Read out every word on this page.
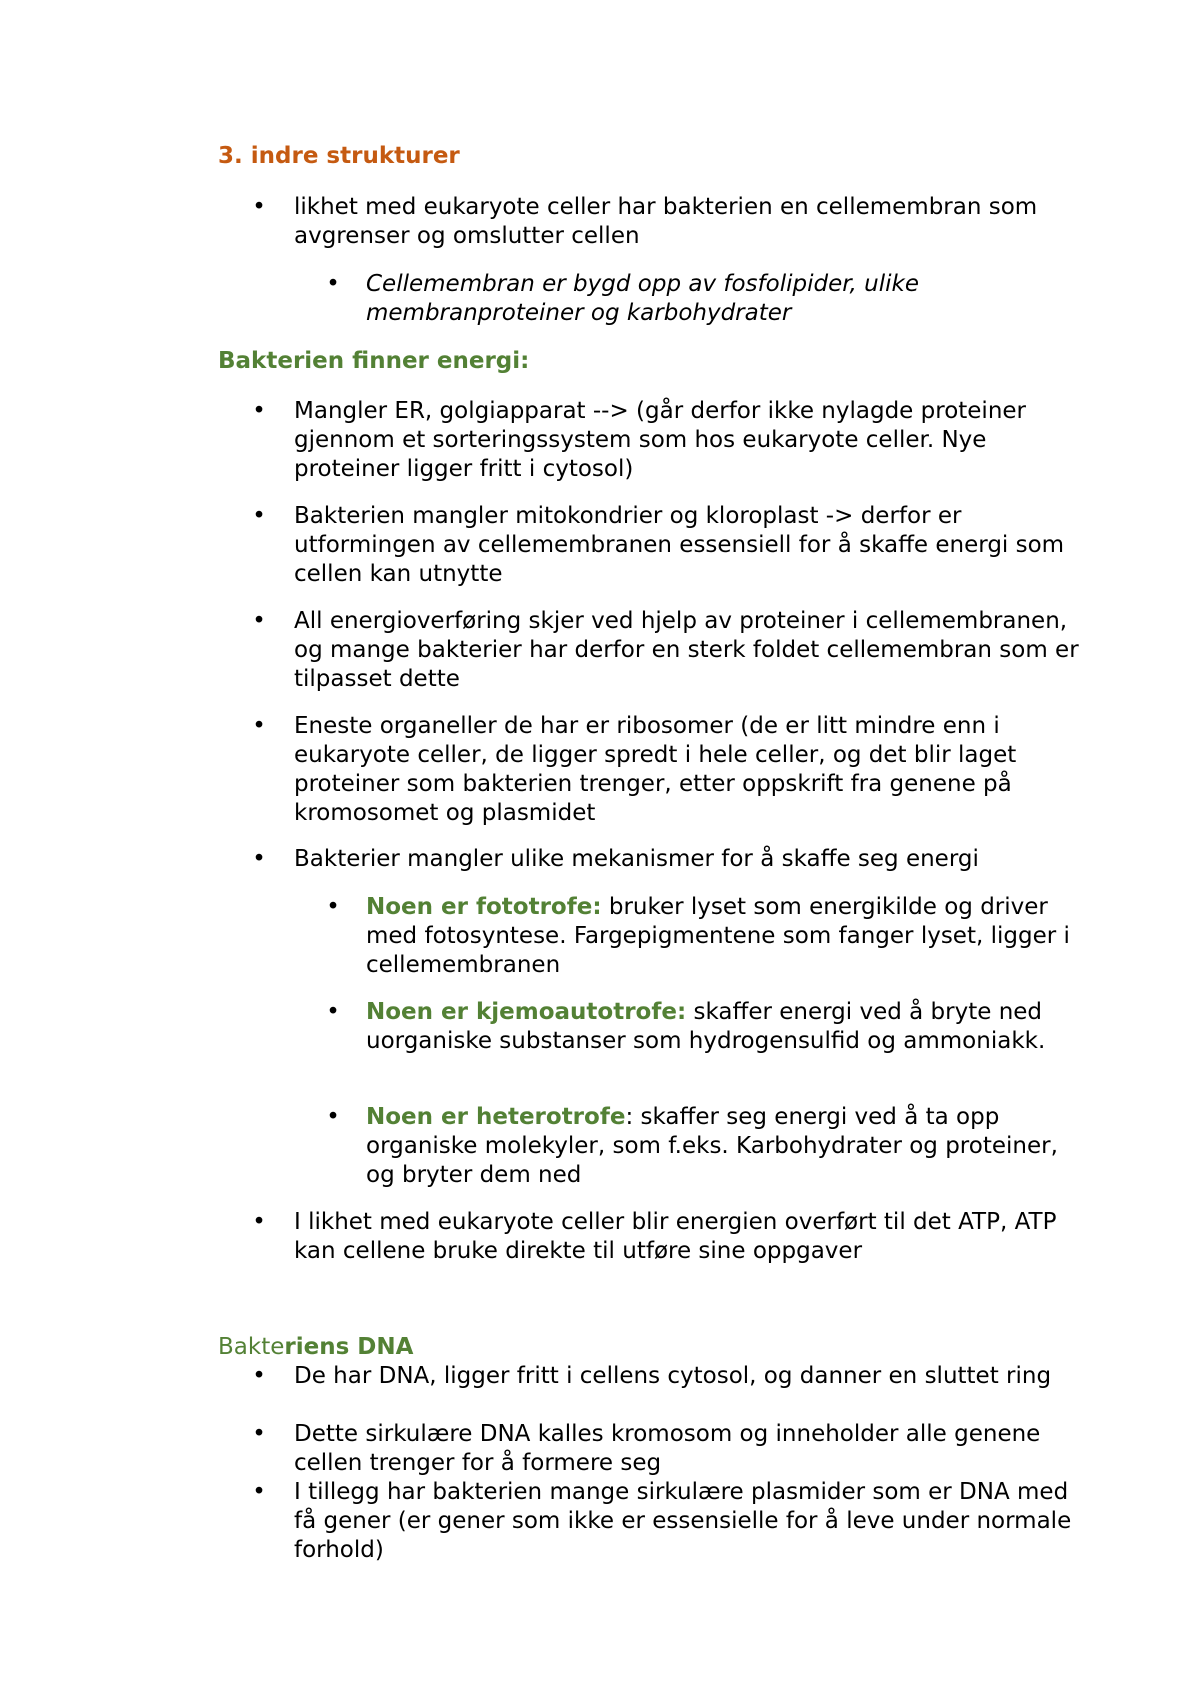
3. indre strukturer
• likhet med eukaryote celler har bakterien en cellemembran som avgrenser og omslutter cellen
• Cellemembran er bygd opp av fosfolipider, ulike membranproteiner og karbohydrater
Bakterien finner energi:
• Mangler ER, golgiapparat --> (går derfor ikke nylagde proteiner gjennom et sorteringssystem som hos eukaryote celler. Nye proteiner ligger fritt i cytosol)
• Bakterien mangler mitokondrier og kloroplast -> derfor er utformingen av cellemembranen essensiell for å skaffe energi som cellen kan utnytte
• All energioverføring skjer ved hjelp av proteiner i cellemembranen, og mange bakterier har derfor en sterk foldet cellemembran som er tilpasset dette
• Eneste organeller de har er ribosomer (de er litt mindre enn i eukaryote celler, de ligger spredt i hele celler, og det blir laget proteiner som bakterien trenger, etter oppskrift fra genene på kromosomet og plasmidet
• Bakterier mangler ulike mekanismer for å skaffe seg energi
• Noen er fototrofe: bruker lyset som energikilde og driver med fotosyntese. Fargepigmentene som fanger lyset, ligger i cellemembranen
• Noen er kjemoautotrofe: skaffer energi ved å bryte ned uorganiske substanser som hydrogensulfid og ammoniakk.
• Noen er heterotrofe: skaffer seg energi ved å ta opp organiske molekyler, som f.eks. Karbohydrater og proteiner, og bryter dem ned
• I likhet med eukaryote celler blir energien overført til det ATP, ATP kan cellene bruke direkte til utføre sine oppgaver
Bakteriens DNA
• De har DNA, ligger fritt i cellens cytosol, og danner en sluttet ring
• Dette sirkulære DNA kalles kromosom og inneholder alle genene cellen trenger for å formere seg
• I tillegg har bakterien mange sirkulære plasmider som er DNA med få gener (er gener som ikke er essensielle for å leve under normale forhold)
